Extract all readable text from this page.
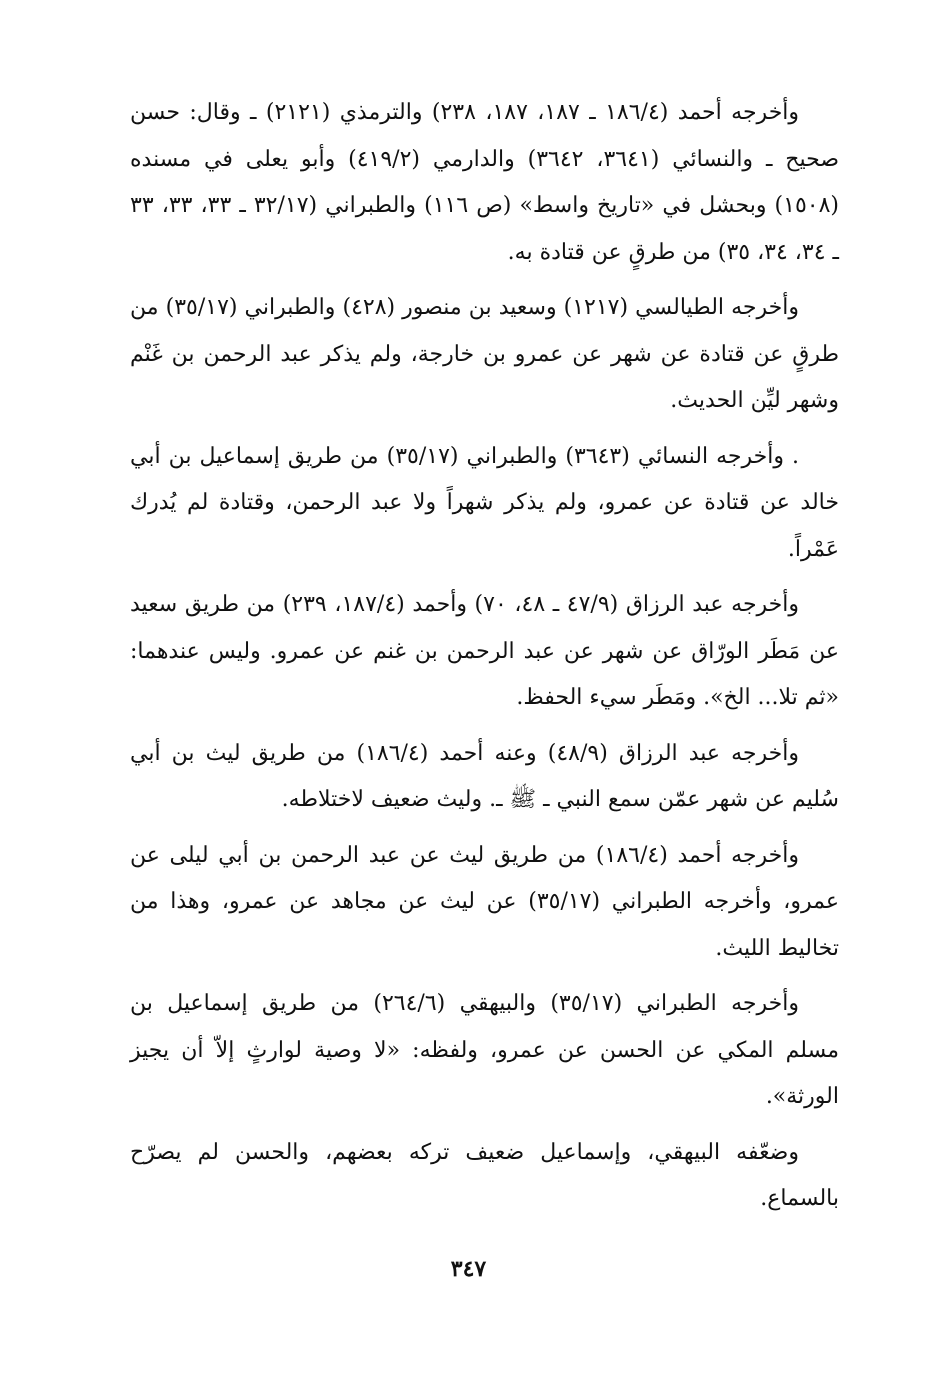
وأخرجه أحمد (١٨٦/٤ ـ ١٨٧، ١٨٧، ٢٣٨) والترمذي (٢١٢١) ـ وقال: حسن صحيح ـ والنسائي (٣٦٤١، ٣٦٤٢) والدارمي (٤١٩/٢) وأبو يعلى في مسنده (١٥٠٨) وبحشل في «تاريخ واسط» (ص ١١٦) والطبراني (٣٢/١٧ ـ ٣٣، ٣٣، ٣٣ ـ ٣٤، ٣٤، ٣٥) من طرقٍ عن قتادة به.

وأخرجه الطيالسي (١٢١٧) وسعيد بن منصور (٤٢٨) والطبراني (٣٥/١٧) من طرقٍ عن قتادة عن شهر عن عمرو بن خارجة، ولم يذكر عبد الرحمن بن غَنْم وشهر ليِّن الحديث.

. وأخرجه النسائي (٣٦٤٣) والطبراني (٣٥/١٧) من طريق إسماعيل بن أبي خالد عن قتادة عن عمرو، ولم يذكر شهراً ولا عبد الرحمن، وقتادة لم يُدرك عَمْراً.

وأخرجه عبد الرزاق (٤٧/٩ ـ ٤٨، ٧٠) وأحمد (١٨٧/٤، ٢٣٩) من طريق سعيد عن مَطَر الورّاق عن شهر عن عبد الرحمن بن غنم عن عمرو. وليس عندهما: «ثم تلا... الخ». ومَطَر سيء الحفظ.

وأخرجه عبد الرزاق (٤٨/٩) وعنه أحمد (١٨٦/٤) من طريق ليث بن أبي سُليم عن شهر عمّن سمع النبي ـ ﷺ ـ. وليث ضعيف لاختلاطه.

وأخرجه أحمد (١٨٦/٤) من طريق ليث عن عبد الرحمن بن أبي ليلى عن عمرو، وأخرجه الطبراني (٣٥/١٧) عن ليث عن مجاهد عن عمرو، وهذا من تخاليط الليث.

وأخرجه الطبراني (٣٥/١٧) والبيهقي (٢٦٤/٦) من طريق إسماعيل بن مسلم المكي عن الحسن عن عمرو، ولفظه: «لا وصية لوارثٍ إلاّ أن يجيز الورثة».

وضعّفه البيهقي، وإسماعيل ضعيف تركه بعضهم، والحسن لم يصرّح بالسماع.

٣٤٧
